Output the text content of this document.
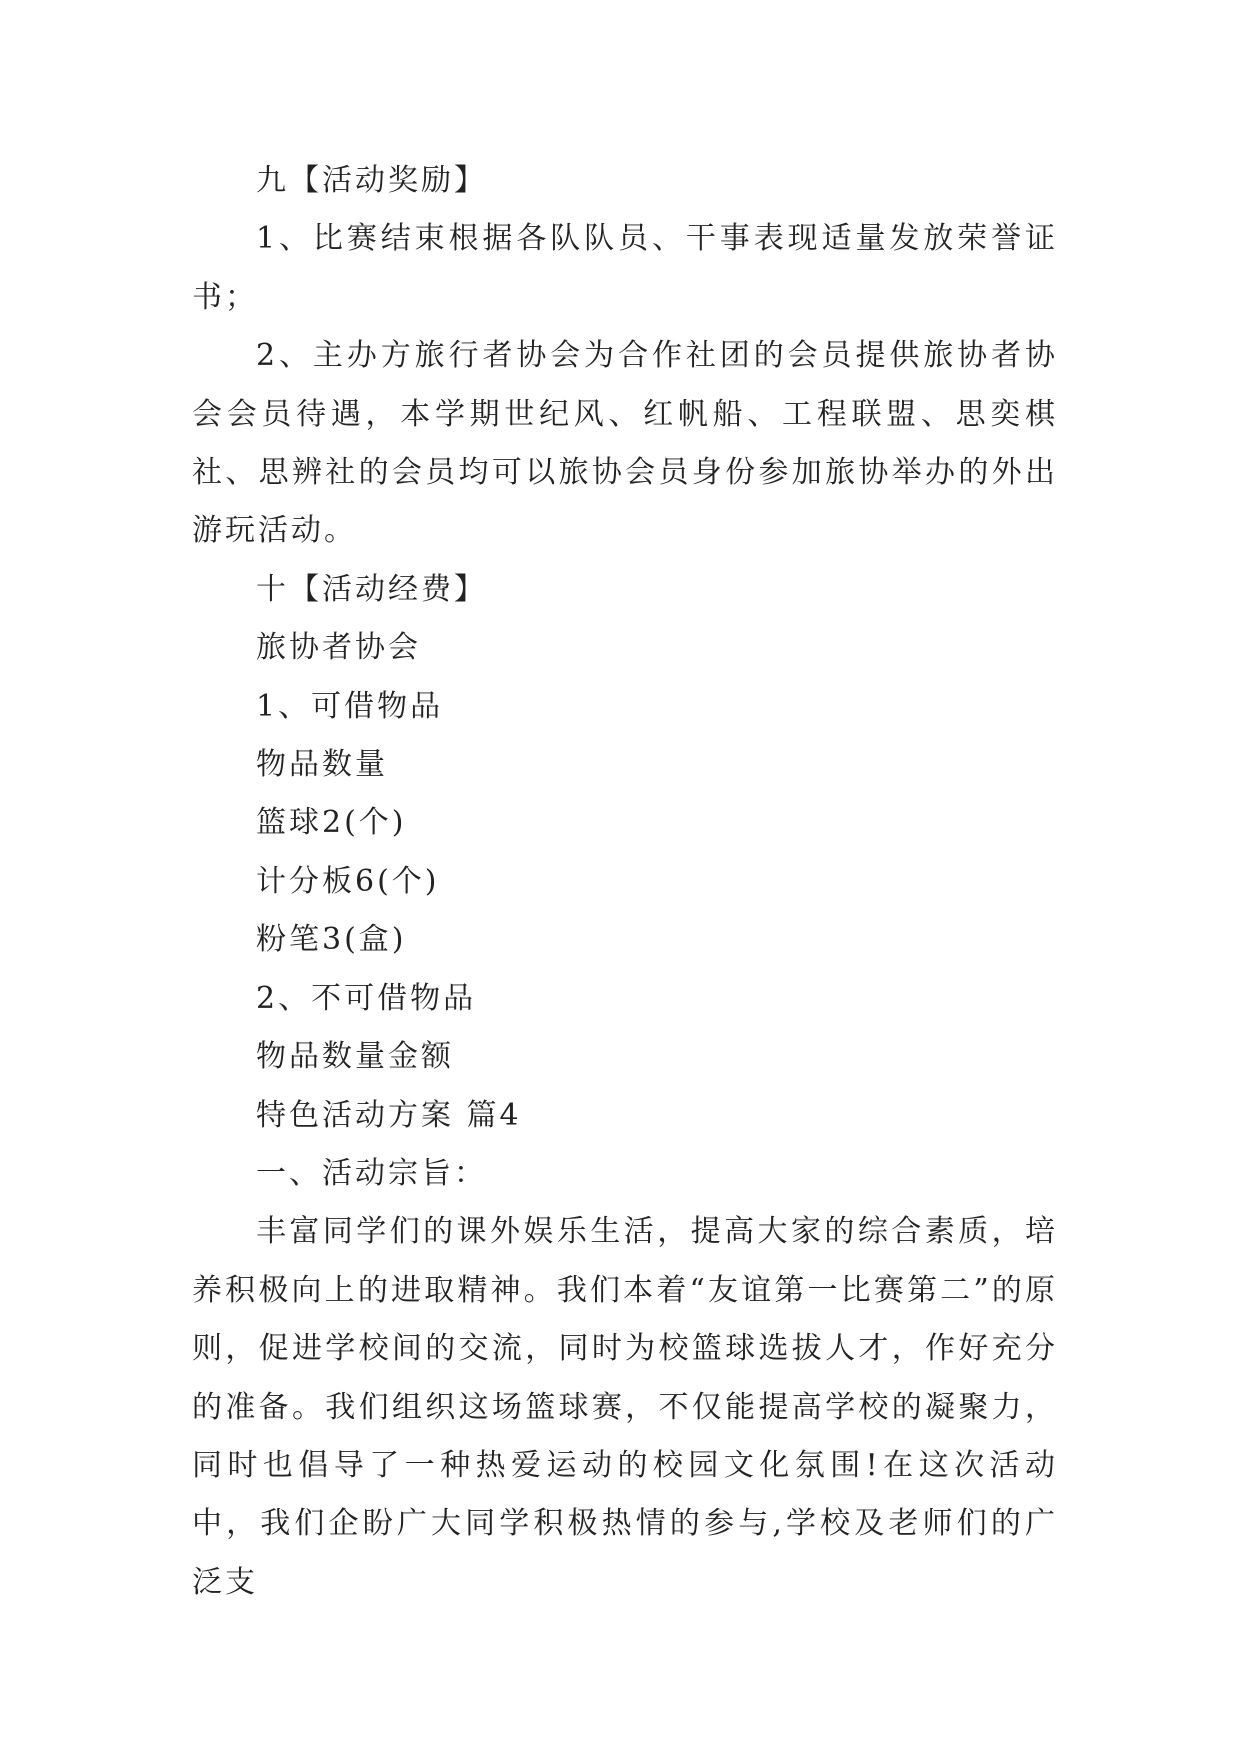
九【活动奖励】

1、比赛结束根据各队队员、干事表现适量发放荣誉证书；

2、主办方旅行者协会为合作社团的会员提供旅协者协会会员待遇，本学期世纪风、红帆船、工程联盟、思奕棋社、思辨社的会员均可以旅协会员身份参加旅协举办的外出游玩活动。

十【活动经费】

旅协者协会

1、可借物品

物品数量

篮球2(个)

计分板6(个)

粉笔3(盒)

2、不可借物品

物品数量金额

特色活动方案 篇4

一、活动宗旨：

丰富同学们的课外娱乐生活，提高大家的综合素质，培养积极向上的进取精神。我们本着“友谊第一比赛第二”的原则，促进学校间的交流，同时为校篮球选拔人才，作好充分的准备。我们组织这场篮球赛，不仅能提高学校的凝聚力，同时也倡导了一种热爱运动的校园文化氛围!在这次活动中，我们企盼广大同学积极热情的参与,学校及老师们的广泛支
